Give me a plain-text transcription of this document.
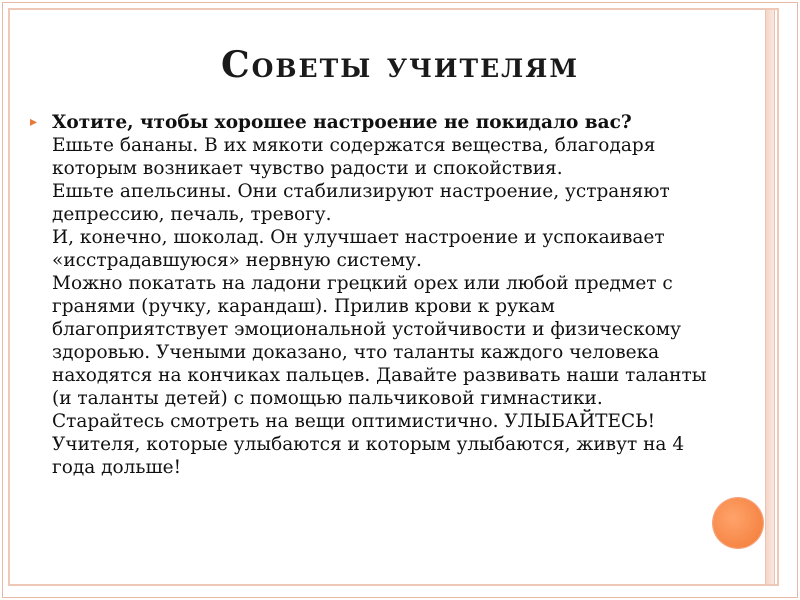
Советы учителям
▸ Хотите, чтобы хорошее настроение не покидало вас?
Ешьте бананы. В их мякоти содержатся вещества, благодаря
которым возникает чувство радости и спокойствия.
Ешьте апельсины. Они стабилизируют настроение, устраняют
депрессию, печаль, тревогу.
И, конечно, шоколад. Он улучшает настроение и успокаивает
«исстрадавшуюся» нервную систему.
Можно покатать на ладони грецкий орех или любой предмет с
гранями (ручку, карандаш). Прилив крови к рукам
благоприятствует эмоциональной устойчивости и физическому
здоровью. Учеными доказано, что таланты каждого человека
находятся на кончиках пальцев. Давайте развивать наши таланты
(и таланты детей) с помощью пальчиковой гимнастики.
Старайтесь смотреть на вещи оптимистично. УЛЫБАЙТЕСЬ!
Учителя, которые улыбаются и которым улыбаются, живут на 4
года дольше!
